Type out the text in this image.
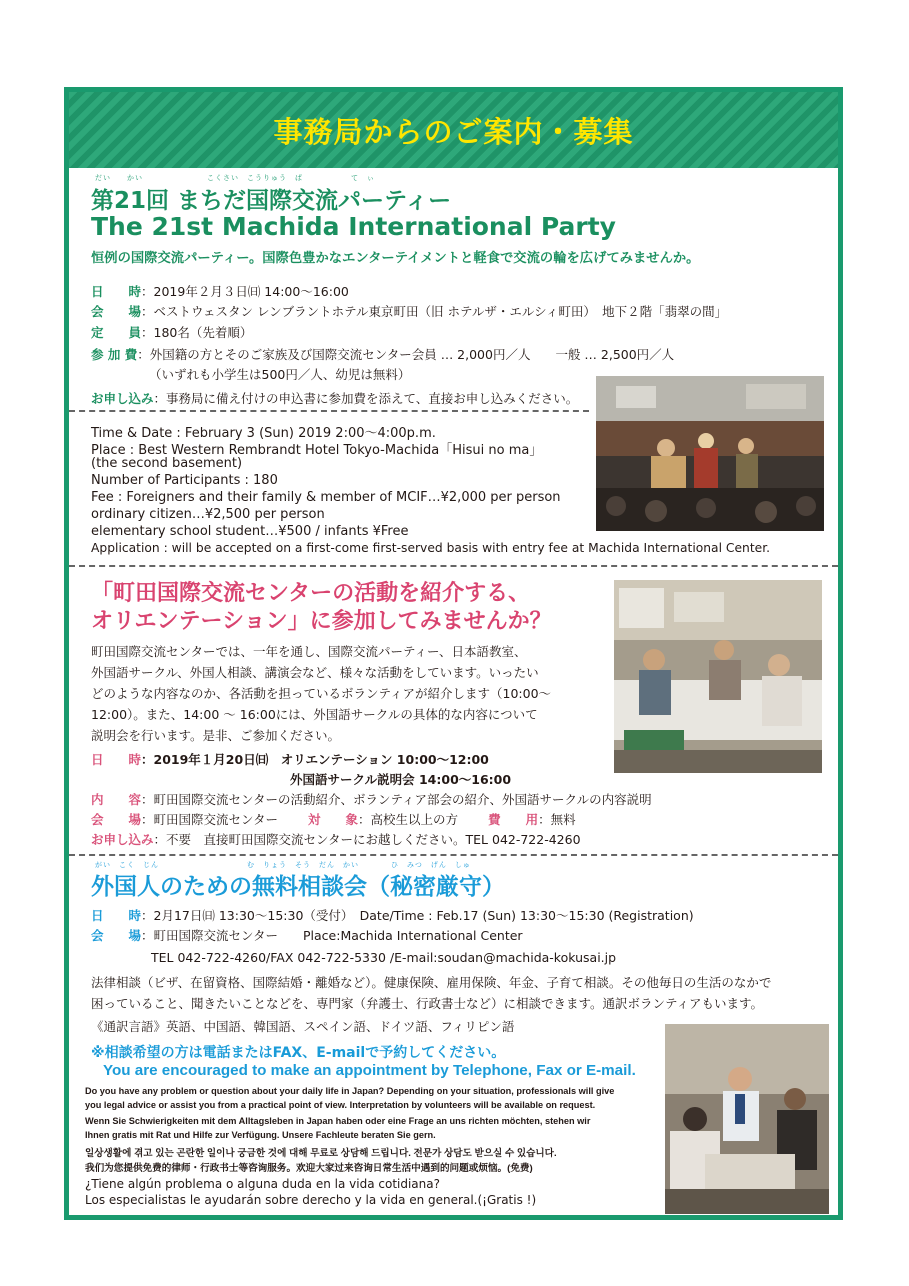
事務局からのご案内・募集
だい　　かい　　　　　　　　こくさい　こうりゅう　ぱ　　　　　　て　ぃ
第21回 まちだ国際交流パーティー
The 21st Machida International Party
恒例の国際交流パーティー。国際色豊かなエンターテイメントと軽食で交流の輪を広げてみませんか。
日　　時：2019年２月３日㈰ 14:00〜16:00
会　　場：ベストウェスタン レンブラントホテル東京町田（旧 ホテルザ・エルシィ町田）　地下２階「翡翠の間」
定　　員：180名（先着順）
参 加 費：外国籍の方とそのご家族及び国際交流センター会員 … 2,000円／人　　一般 … 2,500円／人
（いずれも小学生は500円／人、幼児は無料）
お申し込み：事務局に備え付けの申込書に参加費を添えて、直接お申し込みください。
Time & Date : February 3 (Sun) 2019 2:00〜4:00p.m.
Place : Best Western Rembrandt Hotel Tokyo-Machida「Hisui no ma」
(the second basement)
Number of Participants : 180
Fee : Foreigners and their family & member of MCIF…¥2,000 per person
ordinary citizen…¥2,500 per person
elementary school student…¥500 / infants ¥Free
Application : will be accepted on a first-come first-served basis with entry fee at Machida International Center.
「町田国際交流センターの活動を紹介する、
オリエンテーション」に参加してみませんか？
町田国際交流センターでは、一年を通し、国際交流パーティー、日本語教室、
外国語サークル、外国人相談、講演会など、様々な活動をしています。いったい
どのような内容なのか、各活動を担っているボランティアが紹介します（10:00〜
12:00）。また、14:00 〜 16:00には、外国語サークルの具体的な内容について
説明会を行います。是非、ご参加ください。
日　　時：2019年１月20日㈰　オリエンテーション 10:00〜12:00
外国語サークル説明会 14:00〜16:00
内　　容：町田国際交流センターの活動紹介、ボランティア部会の紹介、外国語サークルの内容説明
会　　場：町田国際交流センター 対　　象：高校生以上の方 費　　用：無料
お申し込み：不要　直接町田国際交流センターにお越しください。TEL 042-722-4260
がい　こく　じん　　　　　　　　　　　む　りょう　そう　だん　かい　　　　ひ　みつ　げん　しゅ
外国人のための無料相談会（秘密厳守）
日　　時：2月17日㈰ 13:30〜15:30（受付）　Date/Time : Feb.17 (Sun) 13:30〜15:30 (Registration)
会　　場：町田国際交流センター　　Place:Machida International Center
TEL 042-722-4260/FAX 042-722-5330 /E-mail:soudan@machida-kokusai.jp
法律相談（ビザ、在留資格、国際結婚・離婚など）。健康保険、雇用保険、年金、子育て相談。その他毎日の生活のなかで
困っていること、聞きたいことなどを、専門家（弁護士、行政書士など）に相談できます。通訳ボランティアもいます。
《通訳言語》英語、中国語、韓国語、スペイン語、ドイツ語、フィリピン語
※相談希望の方は電話またはFAX、E-mailで予約してください。
You are encouraged to make an appointment by Telephone, Fax or E-mail.
Do you have any problem or question about your daily life in Japan? Depending on your situation, professionals will give
you legal advice or assist you from a practical point of view. Interpretation by volunteers will be available on request.
Wenn Sie Schwierigkeiten mit dem Alltagsleben in Japan haben oder eine Frage an uns richten möchten, stehen wir
Ihnen gratis mit Rat und Hilfe zur Verfügung. Unsere Fachleute beraten Sie gern.
일상생활에 겪고 있는 곤란한 일이나 궁금한 것에 대해 무료로 상담해 드립니다. 전문가 상담도 받으실 수 있습니다.
我们为您提供免费的律师・行政书士等咨询服务。欢迎大家过来咨询日常生活中遇到的问题或烦恼。(免费)
¿Tiene algún problema o alguna duda en la vida cotidiana?
Los especialistas le ayudarán sobre derecho y la vida en general.(¡Gratis !)
